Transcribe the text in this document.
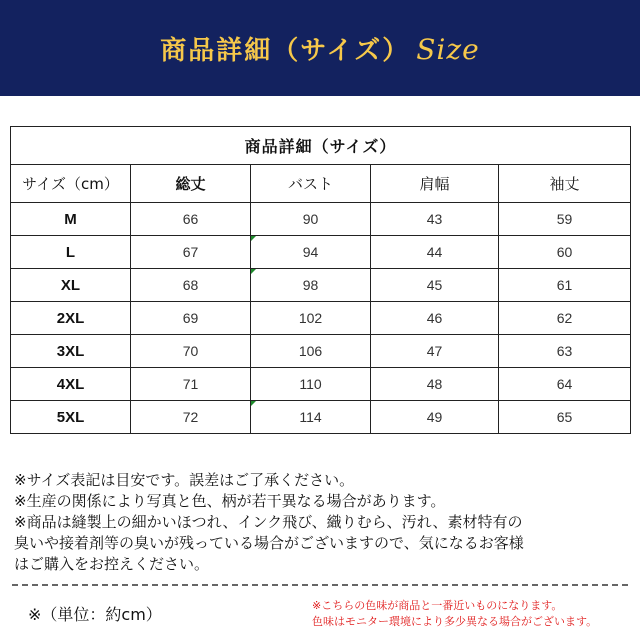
商品詳細（サイズ） Size
商品詳細（サイズ）				
サイズ（cm）	総丈	バスト	肩幅	袖丈
M	66	90	43	59
L	67	94	44	60
XL	68	98	45	61
2XL	69	102	46	62
3XL	70	106	47	63
4XL	71	110	48	64
5XL	72	114	49	65

※サイズ表記は目安です。誤差はご了承ください。

※生産の関係により写真と色、柄が若干異なる場合があります。

※商品は縫製上の細かいほつれ、インク飛び、織りむら、汚れ、素材特有の

臭いや接着剤等の臭いが残っている場合がございますので、気になるお客様

はご購入をお控えください。

※（単位：約cm）	※こちらの色味が商品と一番近いものになります。

色味はモニター環境により多少異なる場合がございます。
